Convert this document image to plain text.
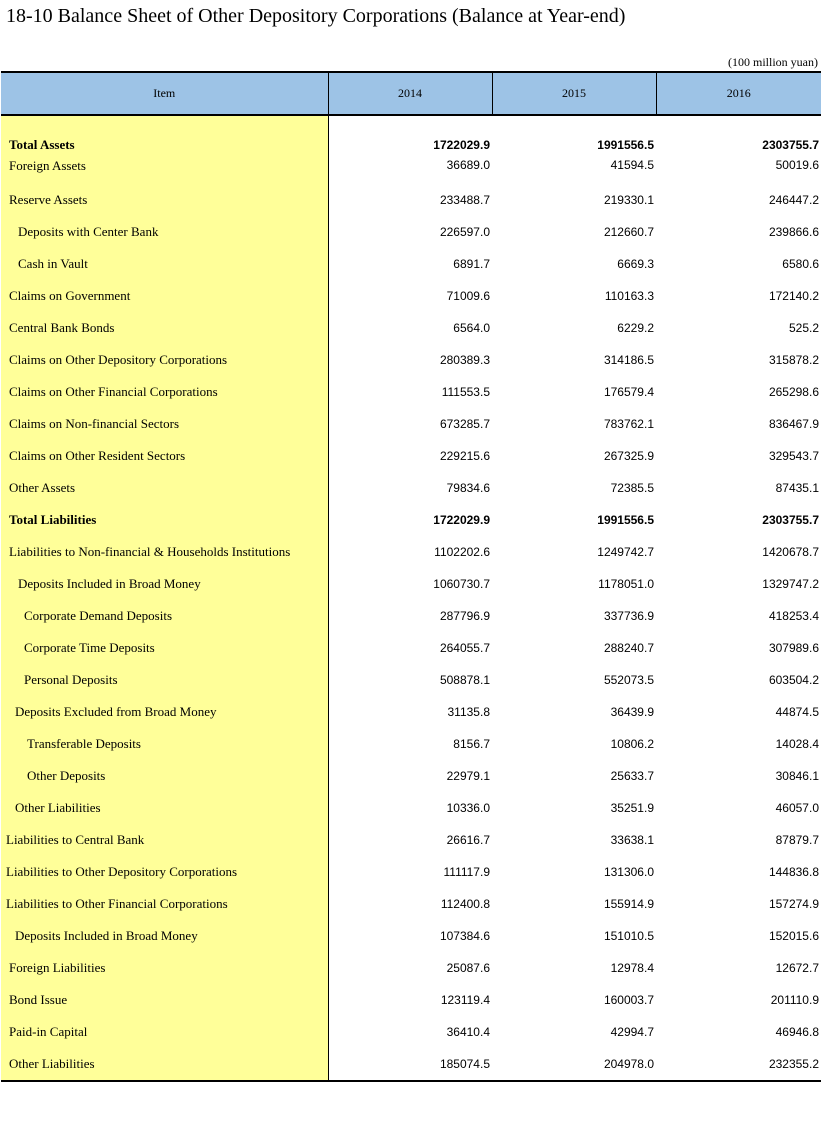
18-10 Balance Sheet of Other Depository Corporations (Balance at Year-end)
(100 million yuan)
Item	2014	2015	2016

Total Assets	1722029.9	1991556.5	2303755.7
Foreign Assets	36689.0	41594.5	50019.6
Reserve Assets	233488.7	219330.1	246447.2
Deposits with Center Bank	226597.0	212660.7	239866.6
Cash in Vault	6891.7	6669.3	6580.6
Claims on Government	71009.6	110163.3	172140.2
Central Bank Bonds	6564.0	6229.2	525.2
Claims on Other Depository Corporations	280389.3	314186.5	315878.2
Claims on Other Financial Corporations	111553.5	176579.4	265298.6
Claims on Non-financial Sectors	673285.7	783762.1	836467.9
Claims on Other Resident Sectors	229215.6	267325.9	329543.7
Other Assets	79834.6	72385.5	87435.1
Total Liabilities	1722029.9	1991556.5	2303755.7
Liabilities to Non-financial & Households Institutions	1102202.6	1249742.7	1420678.7
Deposits Included in Broad Money	1060730.7	1178051.0	1329747.2
Corporate Demand Deposits	287796.9	337736.9	418253.4
Corporate Time Deposits	264055.7	288240.7	307989.6
Personal Deposits	508878.1	552073.5	603504.2
Deposits Excluded from Broad Money	31135.8	36439.9	44874.5
Transferable Deposits	8156.7	10806.2	14028.4
Other Deposits	22979.1	25633.7	30846.1
Other Liabilities	10336.0	35251.9	46057.0
Liabilities to Central Bank	26616.7	33638.1	87879.7
Liabilities to Other Depository Corporations	111117.9	131306.0	144836.8
Liabilities to Other Financial Corporations	112400.8	155914.9	157274.9
Deposits Included in Broad Money	107384.6	151010.5	152015.6
Foreign Liabilities	25087.6	12978.4	12672.7
Bond Issue	123119.4	160003.7	201110.9
Paid-in Capital	36410.4	42994.7	46946.8
Other Liabilities	185074.5	204978.0	232355.2
